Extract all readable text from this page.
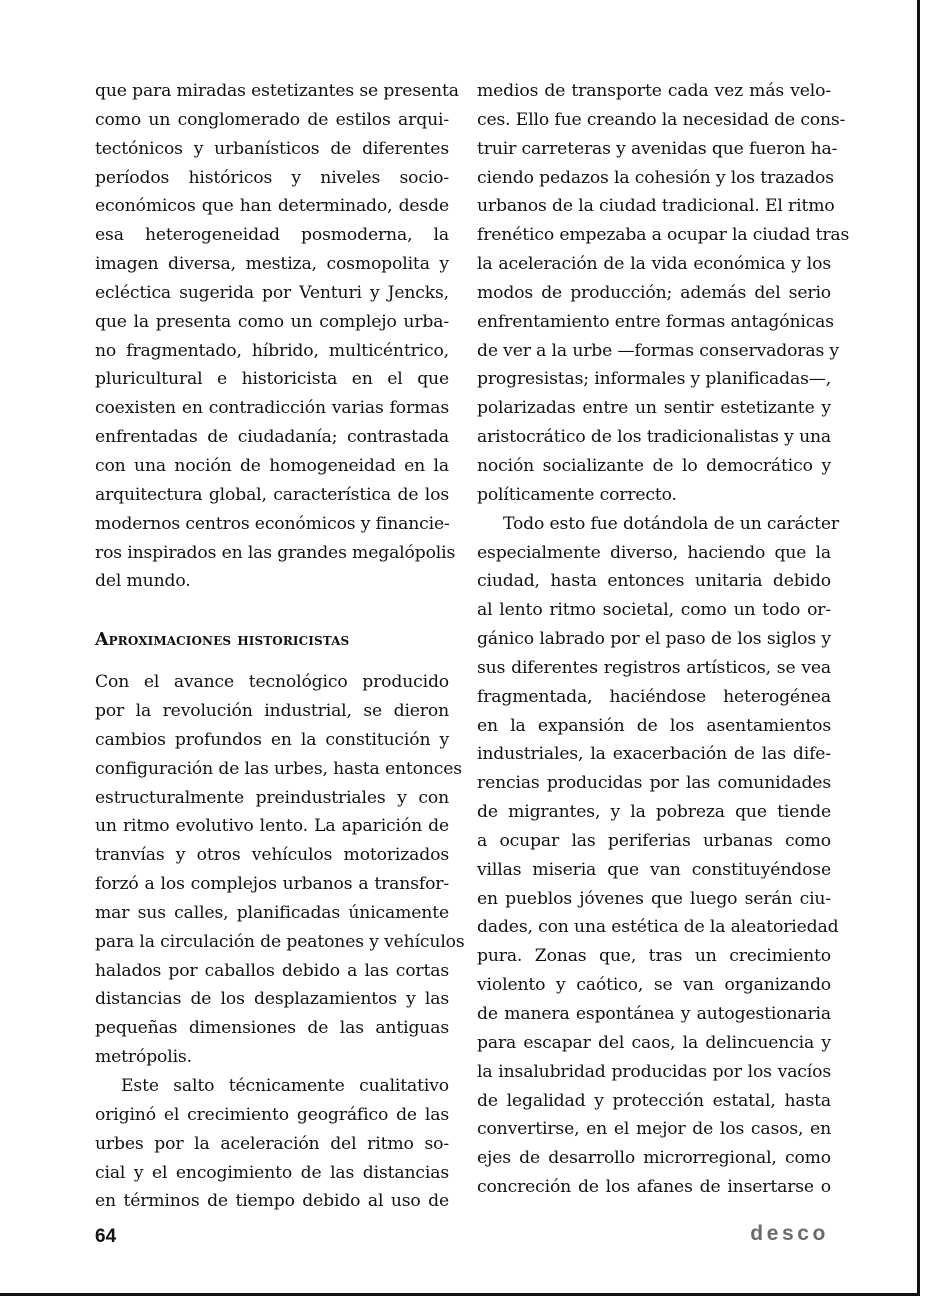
que para miradas estetizantes se presenta
como un conglomerado de estilos arqui-
tectónicos y urbanísticos de diferentes
períodos históricos y niveles socio-
económicos que han determinado, desde
esa heterogeneidad posmoderna, la
imagen diversa, mestiza, cosmopolita y
ecléctica sugerida por Venturi y Jencks,
que la presenta como un complejo urba-
no fragmentado, híbrido, multicéntrico,
pluricultural e historicista en el que
coexisten en contradicción varias formas
enfrentadas de ciudadanía; contrastada
con una noción de homogeneidad en la
arquitectura global, característica de los
modernos centros económicos y financie-
ros inspirados en las grandes megalópolis
del mundo.
Aproximaciones historicistas
Con el avance tecnológico producido
por la revolución industrial, se dieron
cambios profundos en la constitución y
configuración de las urbes, hasta entonces
estructuralmente preindustriales y con
un ritmo evolutivo lento. La aparición de
tranvías y otros vehículos motorizados
forzó a los complejos urbanos a transfor-
mar sus calles, planificadas únicamente
para la circulación de peatones y vehículos
halados por caballos debido a las cortas
distancias de los desplazamientos y las
pequeñas dimensiones de las antiguas
metrópolis.
Este salto técnicamente cualitativo
originó el crecimiento geográfico de las
urbes por la aceleración del ritmo so-
cial y el encogimiento de las distancias
en términos de tiempo debido al uso de
medios de transporte cada vez más velo-
ces. Ello fue creando la necesidad de cons-
truir carreteras y avenidas que fueron ha-
ciendo pedazos la cohesión y los trazados
urbanos de la ciudad tradicional. El ritmo
frenético empezaba a ocupar la ciudad tras
la aceleración de la vida económica y los
modos de producción; además del serio
enfrentamiento entre formas antagónicas
de ver a la urbe —formas conservadoras y
progresistas; informales y planificadas—,
polarizadas entre un sentir estetizante y
aristocrático de los tradicionalistas y una
noción socializante de lo democrático y
políticamente correcto.
Todo esto fue dotándola de un carácter
especialmente diverso, haciendo que la
ciudad, hasta entonces unitaria debido
al lento ritmo societal, como un todo or-
gánico labrado por el paso de los siglos y
sus diferentes registros artísticos, se vea
fragmentada, haciéndose heterogénea
en la expansión de los asentamientos
industriales, la exacerbación de las dife-
rencias producidas por las comunidades
de migrantes, y la pobreza que tiende
a ocupar las periferias urbanas como
villas miseria que van constituyéndose
en pueblos jóvenes que luego serán ciu-
dades, con una estética de la aleatoriedad
pura. Zonas que, tras un crecimiento
violento y caótico, se van organizando
de manera espontánea y autogestionaria
para escapar del caos, la delincuencia y
la insalubridad producidas por los vacíos
de legalidad y protección estatal, hasta
convertirse, en el mejor de los casos, en
ejes de desarrollo microrregional, como
concreción de los afanes de insertarse o
64	desco
